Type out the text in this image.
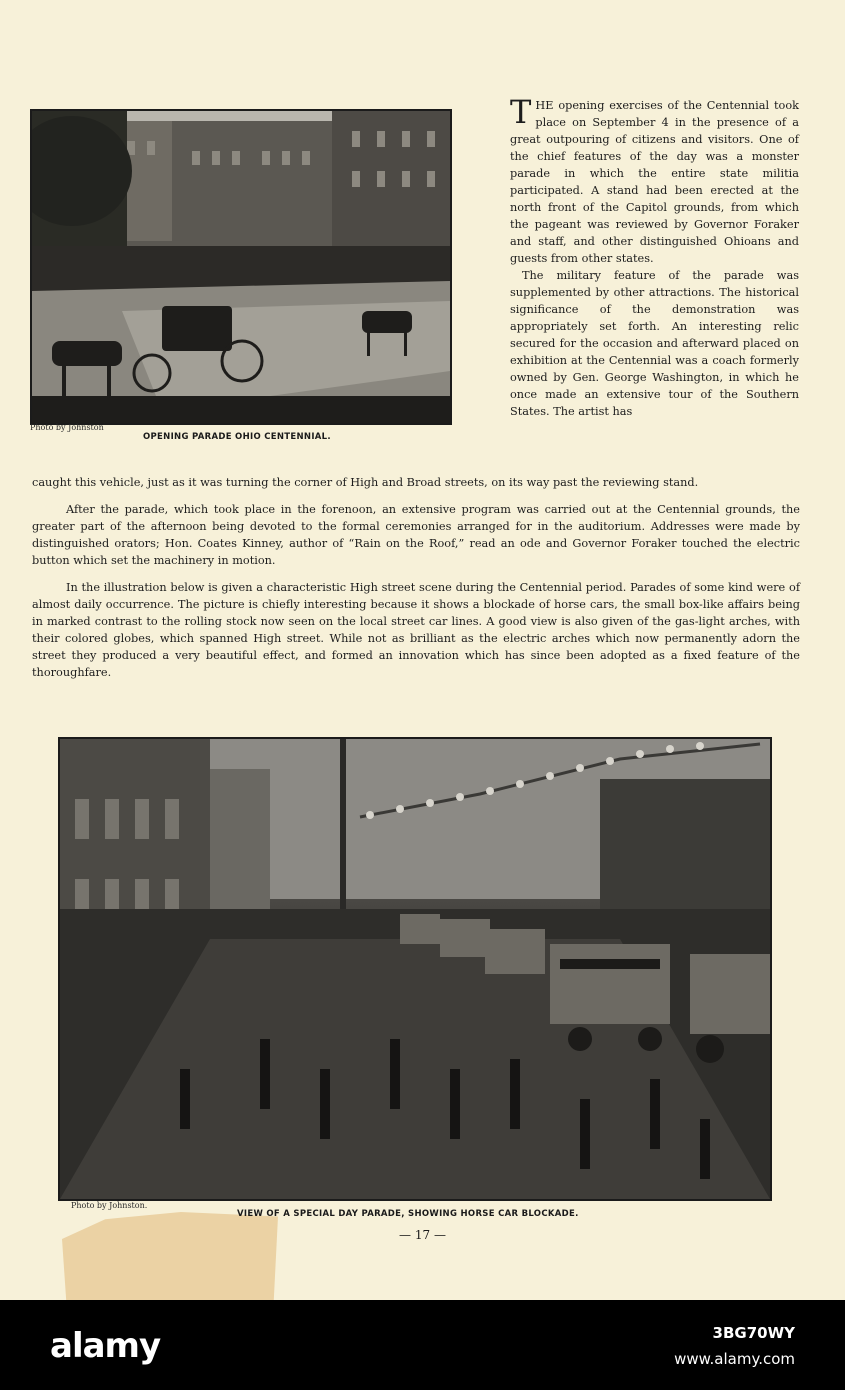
Photo by Johnston

OPENING PARADE OHIO CENTENNIAL.

THE opening exercises of the Centennial took place on September 4 in the presence of a great outpouring of citizens and visitors. One of the chief features of the day was a monster parade in which the entire state militia participated. A stand had been erected at the north front of the Capitol grounds, from which the pageant was reviewed by Governor Foraker and staff, and other distinguished Ohioans and guests from other states.

The military feature of the parade was supplemented by other attractions. The historical significance of the demonstration was appropriately set forth. An interesting relic secured for the occasion and afterward placed on exhibition at the Centennial was a coach formerly owned by Gen. George Washington, in which he once made an extensive tour of the Southern States. The artist has

caught this vehicle, just as it was turning the corner of High and Broad streets, on its way past the reviewing stand.

After the parade, which took place in the forenoon, an extensive program was carried out at the Centennial grounds, the greater part of the afternoon being devoted to the formal ceremonies arranged for in the auditorium. Addresses were made by distinguished orators; Hon. Coates Kinney, author of “Rain on the Roof,” read an ode and Governor Foraker touched the electric button which set the machinery in motion.

In the illustration below is given a characteristic High street scene during the Centennial period. Parades of some kind were of almost daily occurrence. The picture is chiefly interesting because it shows a blockade of horse cars, the small box-like affairs being in marked contrast to the rolling stock now seen on the local street car lines. A good view is also given of the gas-light arches, with their colored globes, which spanned High street. While not as brilliant as the electric arches which now permanently adorn the street they produced a very beautiful effect, and formed an innovation which has since been adopted as a fixed feature of the thoroughfare.

Photo by Johnston.

VIEW OF A SPECIAL DAY PARADE, SHOWING HORSE CAR BLOCKADE.

— 17 —

alamy	3BG70WY

www.alamy.com
